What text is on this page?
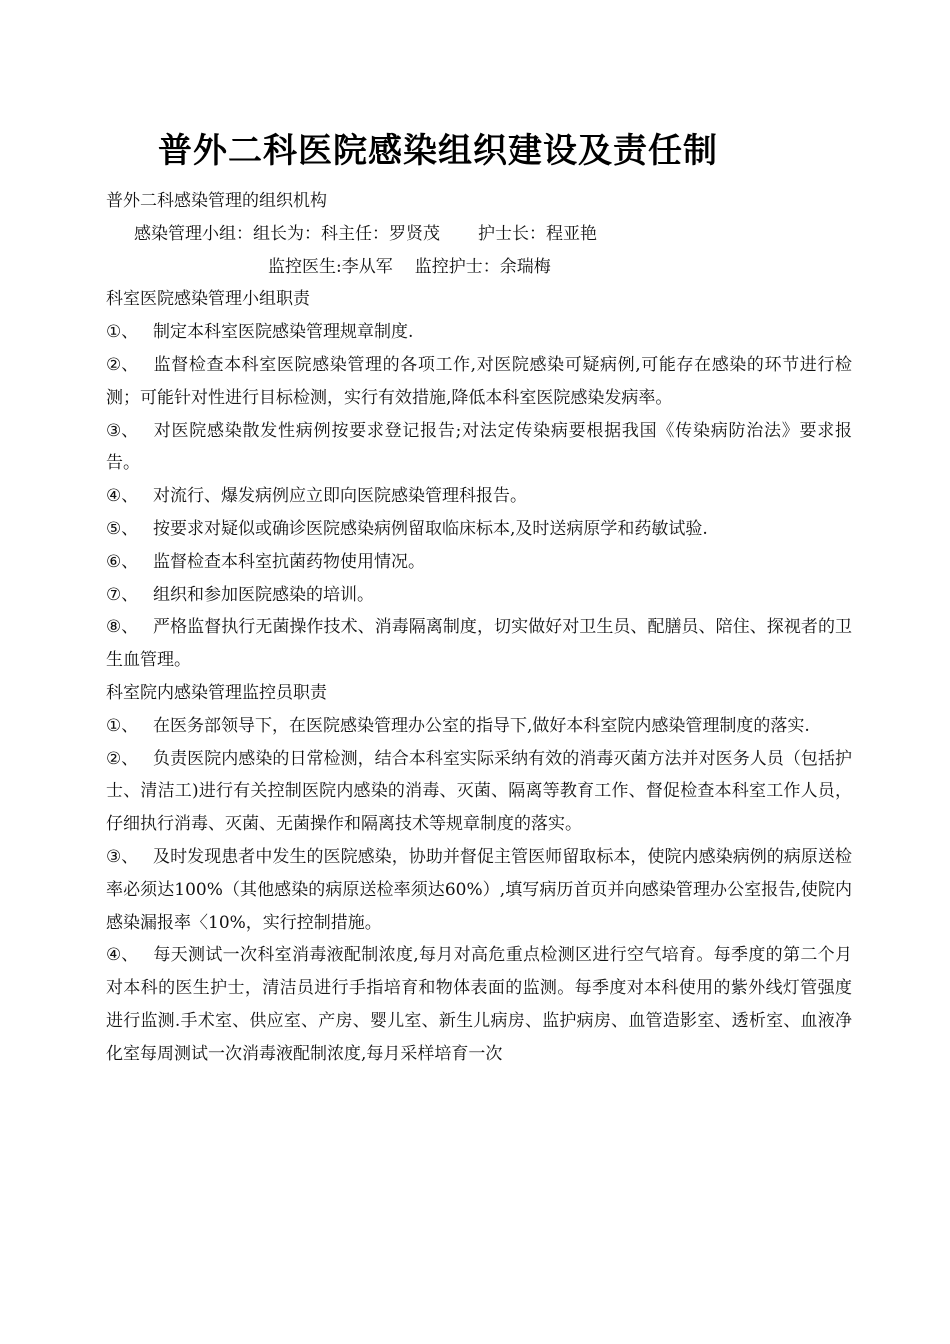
普外二科医院感染组织建设及责任制

普外二科感染管理的组织机构

感染管理小组：组长为：科主任：罗贤茂 护士长：程亚艳

监控医生:李从军 监控护士：余瑞梅

科室医院感染管理小组职责

①、 制定本科室医院感染管理规章制度.

②、 监督检查本科室医院感染管理的各项工作,对医院感染可疑病例,可能存在感染的环节进行检测；可能针对性进行目标检测，实行有效措施,降低本科室医院感染发病率。

③、 对医院感染散发性病例按要求登记报告;对法定传染病要根据我国《传染病防治法》要求报告。

④、 对流行、爆发病例应立即向医院感染管理科报告。

⑤、 按要求对疑似或确诊医院感染病例留取临床标本,及时送病原学和药敏试验.

⑥、 监督检查本科室抗菌药物使用情况。

⑦、 组织和参加医院感染的培训。

⑧、 严格监督执行无菌操作技术、消毒隔离制度，切实做好对卫生员、配膳员、陪住、探视者的卫生血管理。

科室院内感染管理监控员职责

①、 在医务部领导下，在医院感染管理办公室的指导下,做好本科室院内感染管理制度的落实.

②、 负责医院内感染的日常检测，结合本科室实际采纳有效的消毒灭菌方法并对医务人员（包括护士、清洁工)进行有关控制医院内感染的消毒、灭菌、隔离等教育工作、督促检查本科室工作人员，仔细执行消毒、灭菌、无菌操作和隔离技术等规章制度的落实。

③、 及时发现患者中发生的医院感染，协助并督促主管医师留取标本，使院内感染病例的病原送检率必须达100%（其他感染的病原送检率须达60%）,填写病历首页并向感染管理办公室报告,使院内感染漏报率〈10%，实行控制措施。

④、 每天测试一次科室消毒液配制浓度,每月对高危重点检测区进行空气培育。每季度的第二个月对本科的医生护士，清洁员进行手指培育和物体表面的监测。每季度对本科使用的紫外线灯管强度进行监测.手术室、供应室、产房、婴儿室、新生儿病房、监护病房、血管造影室、透析室、血液净化室每周测试一次消毒液配制浓度,每月采样培育一次
